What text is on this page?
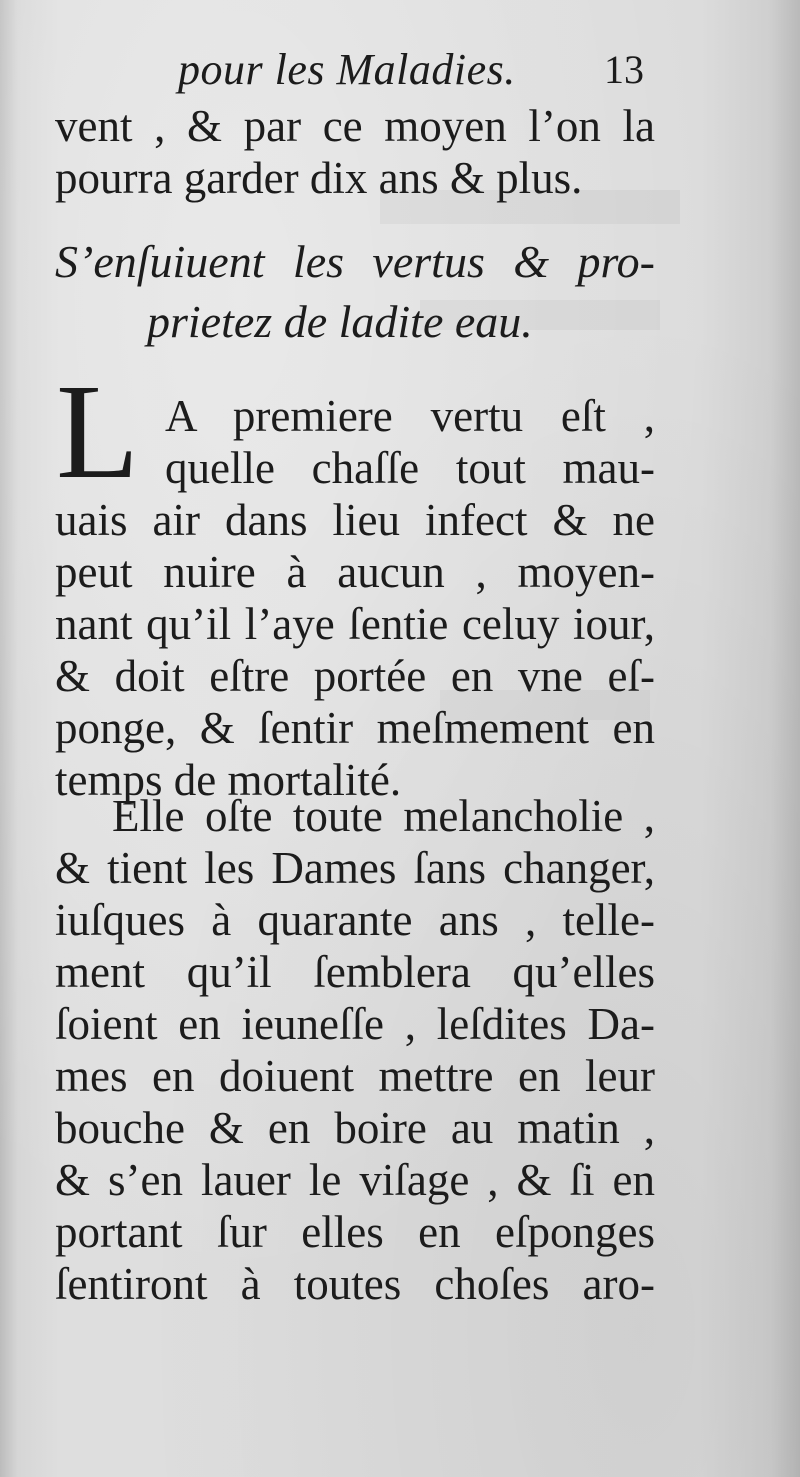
pour les Maladies. 13
vent , & par ce moyen l’on la
pourra garder dix ans & plus.
S’enſuiuent les vertus & pro-
prietez de ladite eau.
L A premiere vertu eſt ,
quelle chaſſe tout mau-
uais air dans lieu infect & ne
peut nuire à aucun , moyen-
nant qu’il l’aye ſentie celuy iour,
& doit eſtre portée en vne eſ-
ponge, & ſentir meſmement en
temps de mortalité.
Elle oſte toute melancholie ,
& tient les Dames ſans changer,
iuſques à quarante ans , telle-
ment qu’il ſemblera qu’elles
ſoient en ieuneſſe , leſdites Da-
mes en doiuent mettre en leur
bouche & en boire au matin ,
& s’en lauer le viſage , & ſi en
portant ſur elles en eſponges
ſentiront à toutes choſes aro-
